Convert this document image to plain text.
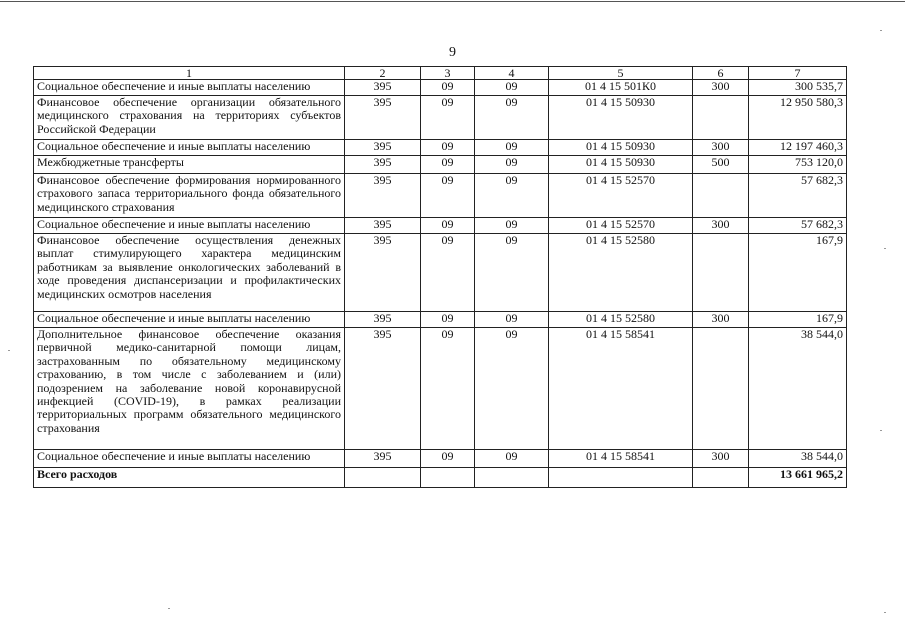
9
1	2	3	4	5	6	7
Социальное обеспечение и иные выплаты населению	395	09	09	01 4 15 501К0	300	300 535,7
Финансовое обеспечение организации обязательного медицинского страхования на территориях субъектов Российской Федерации	395	09	09	01 4 15 50930		12 950 580,3
Социальное обеспечение и иные выплаты населению	395	09	09	01 4 15 50930	300	12 197 460,3
Межбюджетные трансферты	395	09	09	01 4 15 50930	500	753 120,0
Финансовое обеспечение формирования нормированного страхового запаса территориального фонда обязательного медицинского страхования	395	09	09	01 4 15 52570		57 682,3
Социальное обеспечение и иные выплаты населению	395	09	09	01 4 15 52570	300	57 682,3
Финансовое обеспечение осуществления денежных выплат стимулирующего характера медицинским работникам за выявление онкологических заболеваний в ходе проведения диспансеризации и профилактических медицинских осмотров населения	395	09	09	01 4 15 52580		167,9
Социальное обеспечение и иные выплаты населению	395	09	09	01 4 15 52580	300	167,9
Дополнительное финансовое обеспечение оказания первичной медико-санитарной помощи лицам, застрахованным по обязательному медицинскому страхованию, в том числе с заболеванием и (или) подозрением на заболевание новой коронавирусной инфекцией (COVID-19), в рамках реализации территориальных программ обязательного медицинского страхования	395	09	09	01 4 15 58541		38 544,0
Социальное обеспечение и иные выплаты населению	395	09	09	01 4 15 58541	300	38 544,0
Всего расходов						13 661 965,2
